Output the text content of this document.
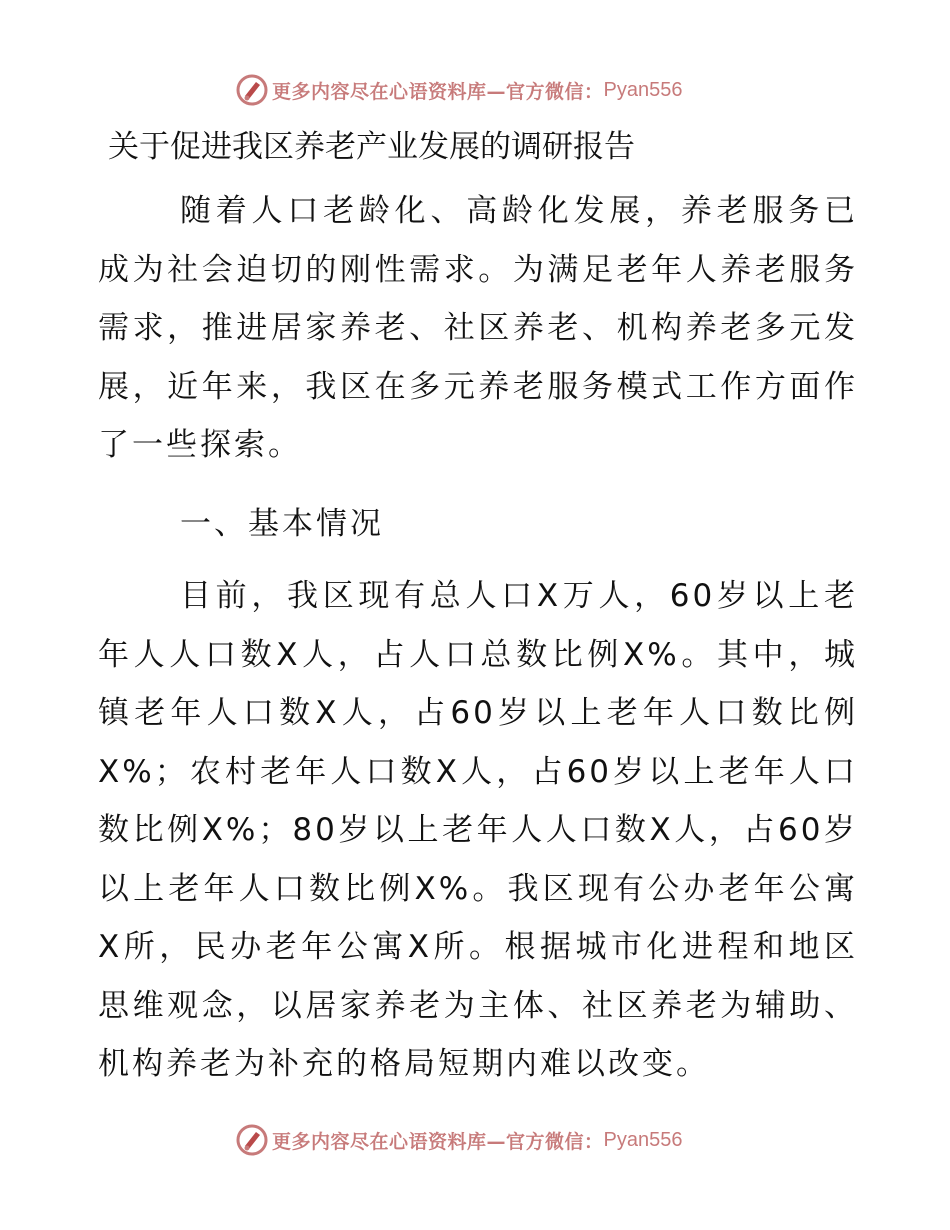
更多内容尽在心语资料库—官方微信： Pyan556
关于促进我区养老产业发展的调研报告

随着人口老龄化、高龄化发展，养老服务已成为社会迫切的刚性需求。为满足老年人养老服务需求，推进居家养老、社区养老、机构养老多元发展，近年来，我区在多元养老服务模式工作方面作了一些探索。

一、基本情况

目前，我区现有总人口X万人，60岁以上老年人人口数X人，占人口总数比例X%。其中，城镇老年人口数X人，占60岁以上老年人口数比例X%；农村老年人口数X人，占60岁以上老年人口数比例X%；80岁以上老年人人口数X人，占60岁以上老年人口数比例X%。我区现有公办老年公寓X所，民办老年公寓X所。根据城市化进程和地区思维观念，以居家养老为主体、社区养老为辅助、机构养老为补充的格局短期内难以改变。

更多内容尽在心语资料库—官方微信： Pyan556
